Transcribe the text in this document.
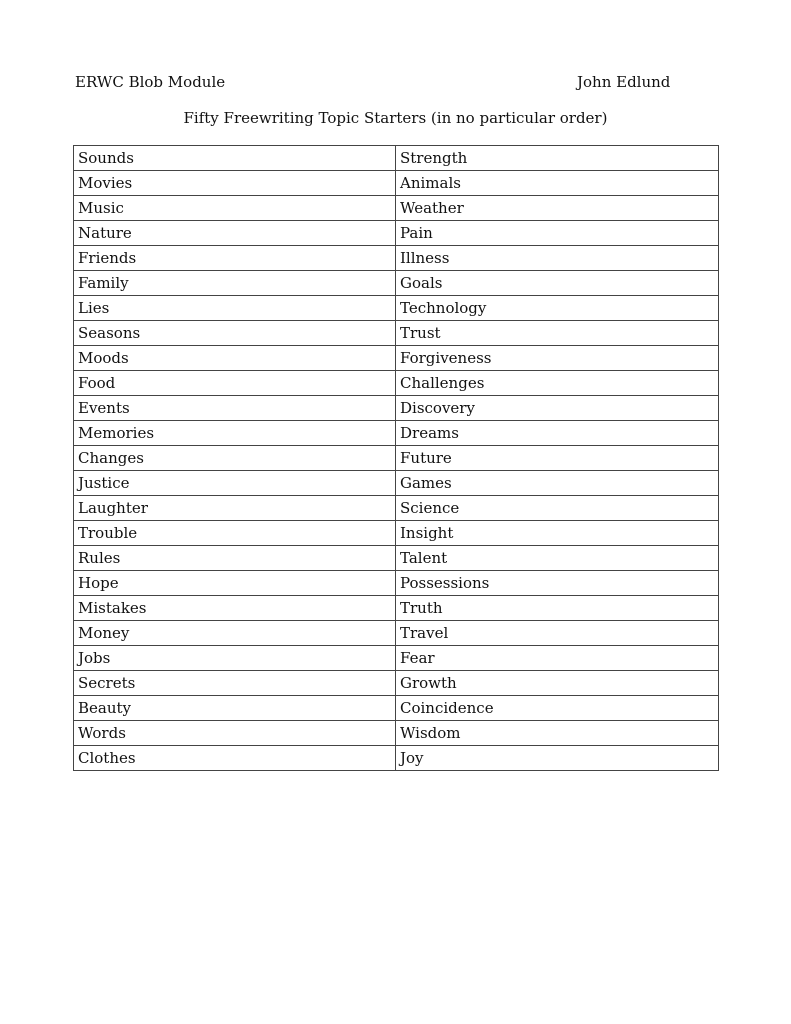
ERWC Blob Module	John Edlund
Fifty Freewriting Topic Starters (in no particular order)
Sounds	Strength
Movies	Animals
Music	Weather
Nature	Pain
Friends	Illness
Family	Goals
Lies	Technology
Seasons	Trust
Moods	Forgiveness
Food	Challenges
Events	Discovery
Memories	Dreams
Changes	Future
Justice	Games
Laughter	Science
Trouble	Insight
Rules	Talent
Hope	Possessions
Mistakes	Truth
Money	Travel
Jobs	Fear
Secrets	Growth
Beauty	Coincidence
Words	Wisdom
Clothes	Joy
